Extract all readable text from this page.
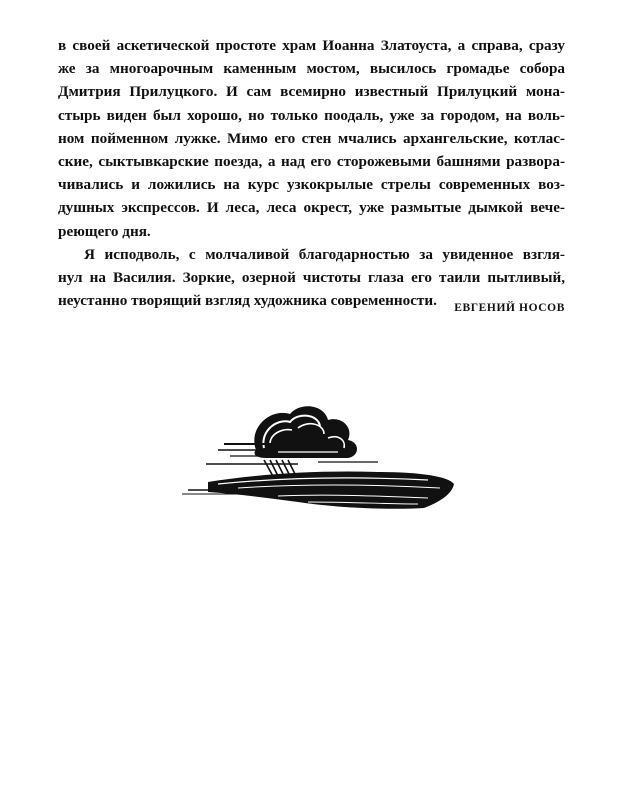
в своей аскетической простоте храм Иоанна Златоуста, а справа, сразу
же за многоарочным каменным мостом, высилось громадье собора
Дмитрия Прилуцкого. И сам всемирно известный Прилуцкий мона-
стырь виден был хорошо, но только поодаль, уже за городом, на воль-
ном пойменном лужке. Мимо его стен мчались архангельские, котлас-
ские, сыктывкарские поезда, а над его сторожевыми башнями развора-
чивались и ложились на курс узкокрылые стрелы современных воз-
душных экспрессов. И леса, леса окрест, уже размытые дымкой вече-
реющего дня.
Я исподволь, с молчаливой благодарностью за увиденное взгля-
нул на Василия. Зоркие, озерной чистоты глаза его таили пытливый,
неустанно творящий взгляд художника современности.	ЕВГЕНИЙ НОСОВ
